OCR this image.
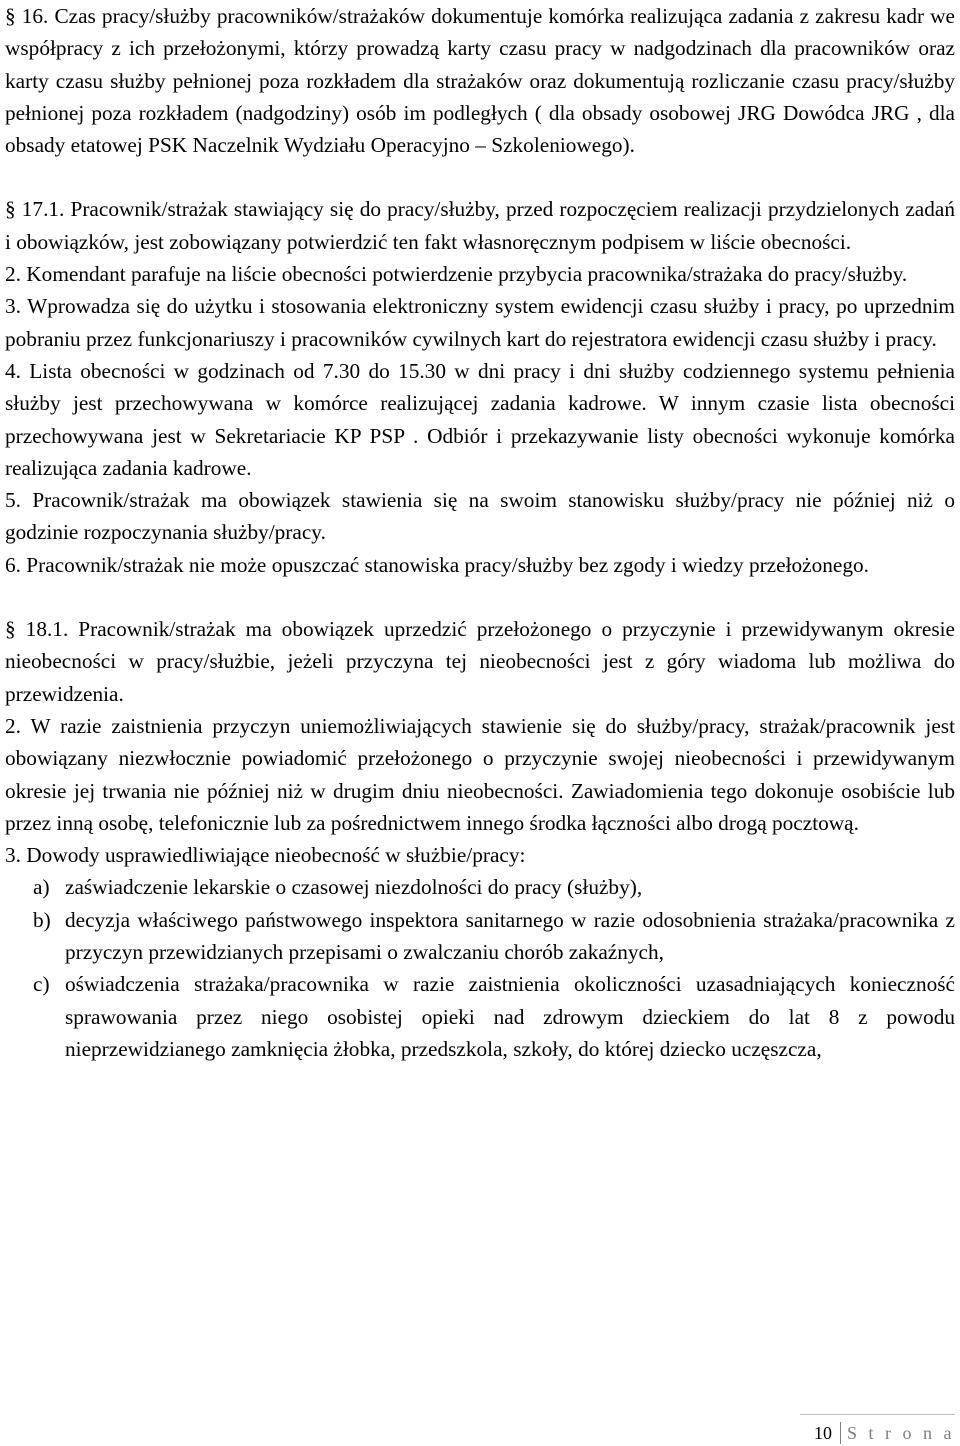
§ 16. Czas pracy/służby pracowników/strażaków dokumentuje komórka realizująca zadania z zakresu kadr we współpracy z ich przełożonymi, którzy prowadzą karty czasu pracy w nadgodzinach dla pracowników oraz karty czasu służby pełnionej poza rozkładem dla strażaków oraz dokumentują rozliczanie czasu pracy/służby pełnionej poza rozkładem (nadgodziny) osób im podległych ( dla obsady osobowej JRG Dowódca JRG , dla obsady etatowej PSK Naczelnik Wydziału Operacyjno – Szkoleniowego).
§ 17.1. Pracownik/strażak stawiający się do pracy/służby, przed rozpoczęciem realizacji przydzielonych zadań i obowiązków, jest zobowiązany potwierdzić ten fakt własnoręcznym podpisem w liście obecności.
2. Komendant parafuje na liście obecności potwierdzenie przybycia pracownika/strażaka do pracy/służby.
3. Wprowadza się do użytku i stosowania elektroniczny system ewidencji czasu służby i pracy, po uprzednim pobraniu przez funkcjonariuszy i pracowników cywilnych kart do rejestratora ewidencji czasu służby i pracy.
4. Lista obecności w godzinach od 7.30 do 15.30 w dni pracy i dni służby codziennego systemu pełnienia służby jest przechowywana w komórce realizującej zadania kadrowe. W innym czasie lista obecności przechowywana jest w Sekretariacie KP PSP . Odbiór i przekazywanie listy obecności wykonuje komórka realizująca zadania kadrowe.
5. Pracownik/strażak ma obowiązek stawienia się na swoim stanowisku służby/pracy nie później niż o godzinie rozpoczynania służby/pracy.
6. Pracownik/strażak nie może opuszczać stanowiska pracy/służby bez zgody i wiedzy przełożonego.
§ 18.1. Pracownik/strażak ma obowiązek uprzedzić przełożonego o przyczynie i przewidywanym okresie nieobecności w pracy/służbie, jeżeli przyczyna tej nieobecności jest z góry wiadoma lub możliwa do przewidzenia.
2. W razie zaistnienia przyczyn uniemożliwiających stawienie się do służby/pracy, strażak/pracownik jest obowiązany niezwłocznie powiadomić przełożonego o przyczynie swojej nieobecności i przewidywanym okresie jej trwania nie później niż w drugim dniu nieobecności. Zawiadomienia tego dokonuje osobiście lub przez inną osobę, telefonicznie lub za pośrednictwem innego środka łączności albo drogą pocztową.
3. Dowody usprawiedliwiające nieobecność w służbie/pracy:
a) zaświadczenie lekarskie o czasowej niezdolności do pracy (służby),
b) decyzja właściwego państwowego inspektora sanitarnego w razie odosobnienia strażaka/pracownika z przyczyn przewidzianych przepisami o zwalczaniu chorób zakaźnych,
c) oświadczenia strażaka/pracownika w razie zaistnienia okoliczności uzasadniających konieczność sprawowania przez niego osobistej opieki nad zdrowym dzieckiem do lat 8 z powodu nieprzewidzianego zamknięcia żłobka, przedszkola, szkoły, do której dziecko uczęszcza,
10 S t r o n a
